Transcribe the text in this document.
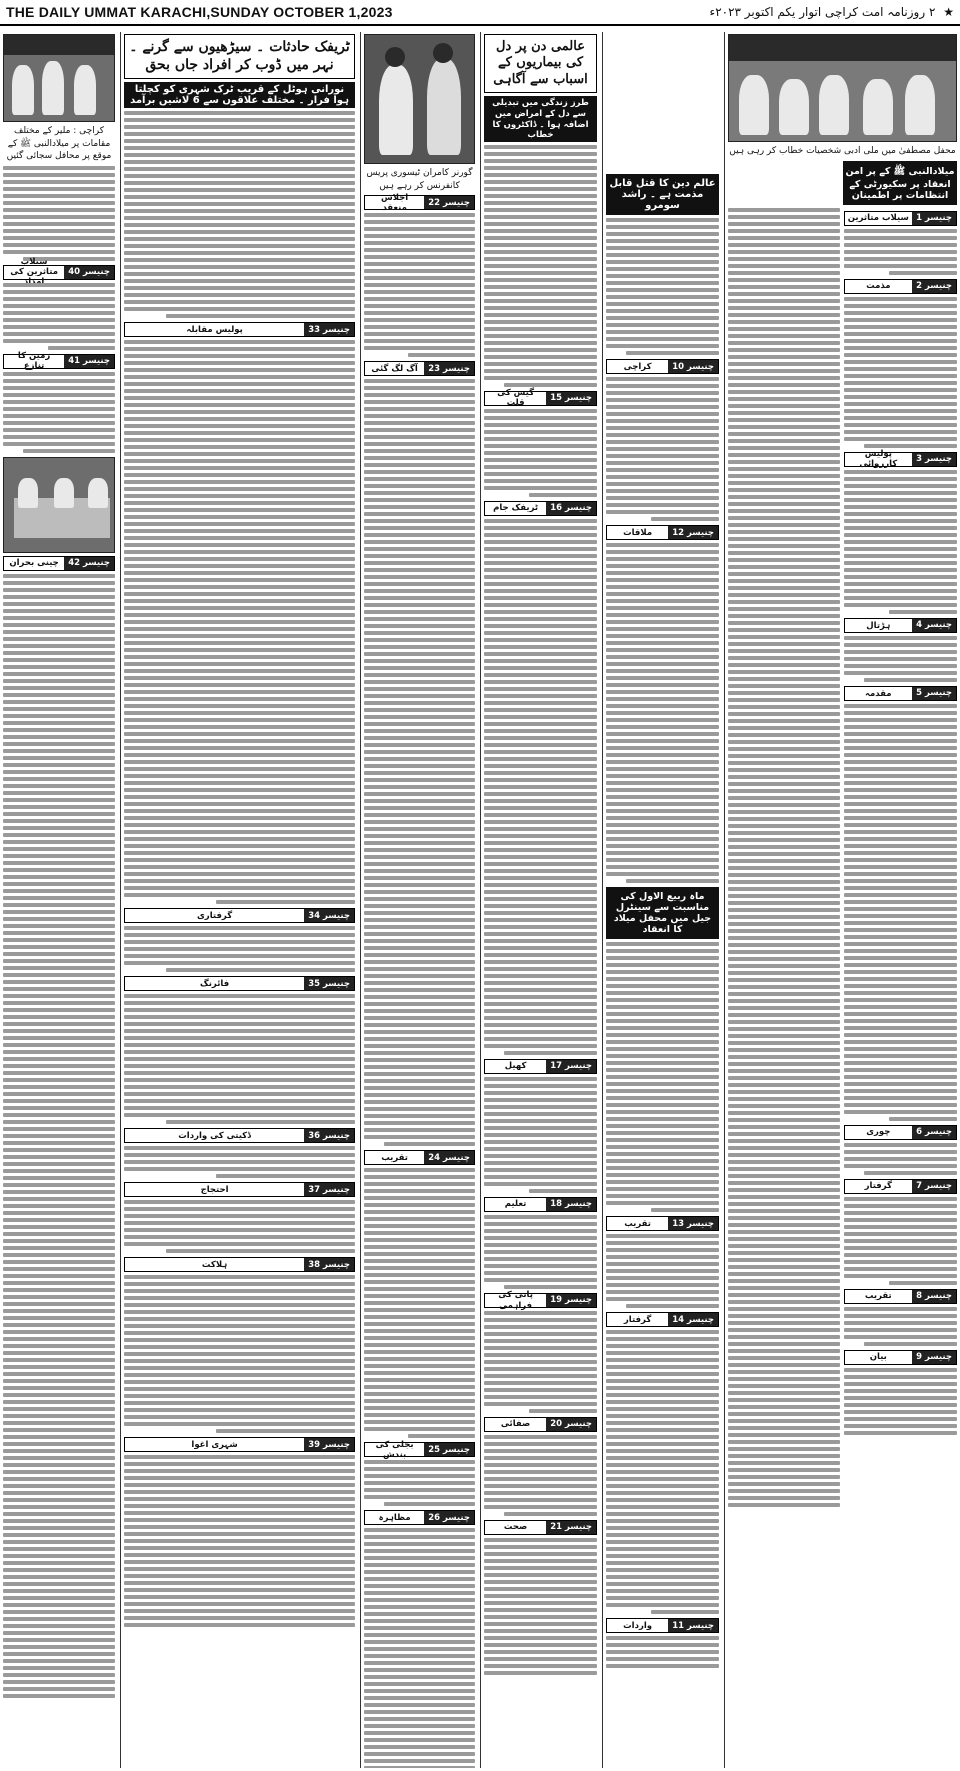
THE DAILY UMMAT KARACHI,SUNDAY OCTOBER 1,2023	★ ۲ روزنامہ امت کراچی اتوار یکم اکتوبر ۲۰۲۳ء
کراچی : ملیر کے مختلف مقامات پر میلادالنبی ﷺ کے موقع پر محافل سجائی گئیں
چنیسر 40
سیلاب متاثرین کی
چنیسر 41
زمین کا تنازع
چنیسر 42
چینی بحران
ٹریفک حادثات ۔ سیڑھیوں سے گرنے ۔ نہر میں ڈوب کر افراد جاں بحق
نورانی ہوٹل کے قریب ٹرک شہری کو کچلتا ہوا فرار ۔ مختلف علاقوں سے 6 لاشیں برآمد
چنیسر 33
پولیس مقابلہ
چنیسر 34
گرفتاری
چنیسر 35
فائرنگ
چنیسر 36
ڈکیتی کی واردات
چنیسر 37
احتجاج
چنیسر 38
ہلاکت
چنیسر 39
شہری اغوا
گورنر کامران ٹیسوری پریس کانفرنس کر رہے ہیں
چنیسر 22
اجلاس منعقد
چنیسر 23
آگ لگ گئی
چنیسر 24
تقریب
چنیسر 25
بجلی کی بندش
چنیسر 26
مظاہرہ
عالمی دن پر دل کی بیماریوں کے اسباب سے آگاہی
طرز زندگی میں تبدیلی سے دل کے امراض میں اضافہ ہوا ۔ ڈاکٹروں کا خطاب
چنیسر 15
گیس کی قلت
چنیسر 16
ٹریفک جام
چنیسر 17
کھیل
چنیسر 18
تعلیم
چنیسر 19
پانی کی فراہمی
چنیسر 20
صفائی
چنیسر 21
صحت
عالم دین کا قتل قابل مذمت ہے ۔ راشد سومرو
چنیسر 10
کراچی
چنیسر 12
ملاقات
ماہ ربیع الاول کی مناسبت سے سینٹرل جیل میں محفل میلاد کا انعقاد
چنیسر 13
تقریب
چنیسر 14
گرفتار
چنیسر 11
واردات
محفل مصطفیٰ میں ملی ادبی شخصیات خطاب کر رہی ہیں
میلادالنبی ﷺ کے پر امن انعقاد پر سکیورٹی کے انتظامات پر اطمینان
چنیسر 1
سیلاب متاثرین
چنیسر 2
مذمت
چنیسر 3
پولیس کارروائی
چنیسر 4
ہڑتال
چنیسر 5
مقدمہ
چنیسر 6
چوری
چنیسر 7
گرفتار
چنیسر 8
تقریب
چنیسر 9
بیان
